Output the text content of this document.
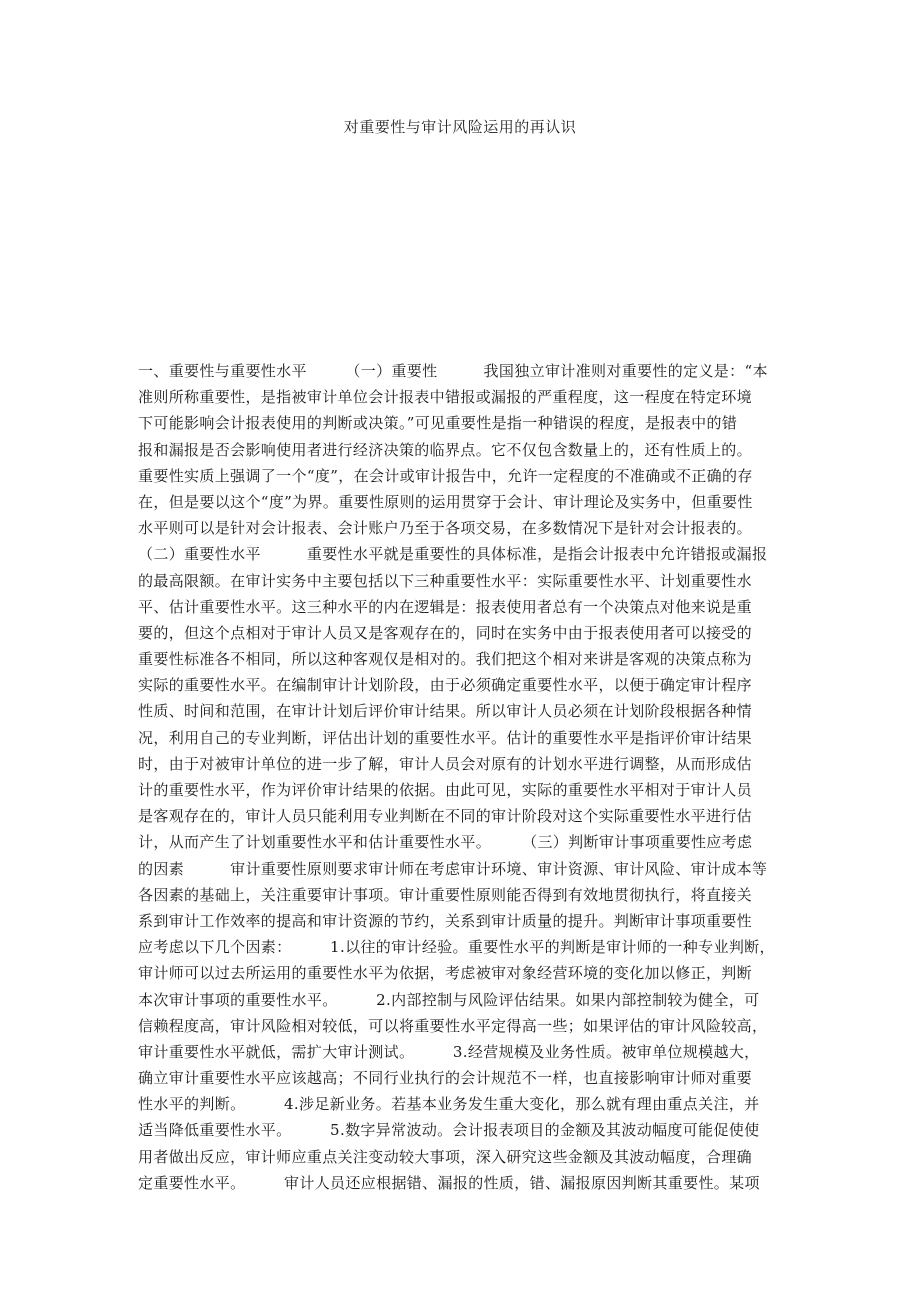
对重要性与审计风险运用的再认识
一、重要性与重要性水平　　　（一）重要性　　　我国独立审计准则对重要性的定义是：“本
准则所称重要性，是指被审计单位会计报表中错报或漏报的严重程度，这一程度在特定环境
下可能影响会计报表使用的判断或决策。”可见重要性是指一种错误的程度，是报表中的错
报和漏报是否会影响使用者进行经济决策的临界点。它不仅包含数量上的，还有性质上的。
重要性实质上强调了一个“度”，在会计或审计报告中，允许一定程度的不准确或不正确的存
在，但是要以这个“度”为界。重要性原则的运用贯穿于会计、审计理论及实务中，但重要性
水平则可以是针对会计报表、会计账户乃至于各项交易，在多数情况下是针对会计报表的。
（二）重要性水平　　　重要性水平就是重要性的具体标准，是指会计报表中允许错报或漏报
的最高限额。在审计实务中主要包括以下三种重要性水平：实际重要性水平、计划重要性水
平、估计重要性水平。这三种水平的内在逻辑是：报表使用者总有一个决策点对他来说是重
要的，但这个点相对于审计人员又是客观存在的，同时在实务中由于报表使用者可以接受的
重要性标准各不相同，所以这种客观仅是相对的。我们把这个相对来讲是客观的决策点称为
实际的重要性水平。在编制审计计划阶段，由于必须确定重要性水平，以便于确定审计程序
性质、时间和范围，在审计计划后评价审计结果。所以审计人员必须在计划阶段根据各种情
况，利用自己的专业判断，评估出计划的重要性水平。估计的重要性水平是指评价审计结果
时，由于对被审计单位的进一步了解，审计人员会对原有的计划水平进行调整，从而形成估
计的重要性水平，作为评价审计结果的依据。由此可见，实际的重要性水平相对于审计人员
是客观存在的，审计人员只能利用专业判断在不同的审计阶段对这个实际重要性水平进行估
计，从而产生了计划重要性水平和估计重要性水平。　　　（三）判断审计事项重要性应考虑
的因素　　　审计重要性原则要求审计师在考虑审计环境、审计资源、审计风险、审计成本等
各因素的基础上，关注重要审计事项。审计重要性原则能否得到有效地贯彻执行，将直接关
系到审计工作效率的提高和审计资源的节约，关系到审计质量的提升。判断审计事项重要性
应考虑以下几个因素：　　　1.以往的审计经验。重要性水平的判断是审计师的一种专业判断，
审计师可以过去所运用的重要性水平为依据，考虑被审对象经营环境的变化加以修正，判断
本次审计事项的重要性水平。　　　2.内部控制与风险评估结果。如果内部控制较为健全，可
信赖程度高，审计风险相对较低，可以将重要性水平定得高一些；如果评估的审计风险较高，
审计重要性水平就低，需扩大审计测试。　　　3.经营规模及业务性质。被审单位规模越大，
确立审计重要性水平应该越高；不同行业执行的会计规范不一样，也直接影响审计师对重要
性水平的判断。　　　4.涉足新业务。若基本业务发生重大变化，那么就有理由重点关注，并
适当降低重要性水平。　　　5.数字异常波动。会计报表项目的金额及其波动幅度可能促使使
用者做出反应，审计师应重点关注变动较大事项，深入研究这些金额及其波动幅度，合理确
定重要性水平。　　　审计人员还应根据错、漏报的性质，错、漏报原因判断其重要性。某项
